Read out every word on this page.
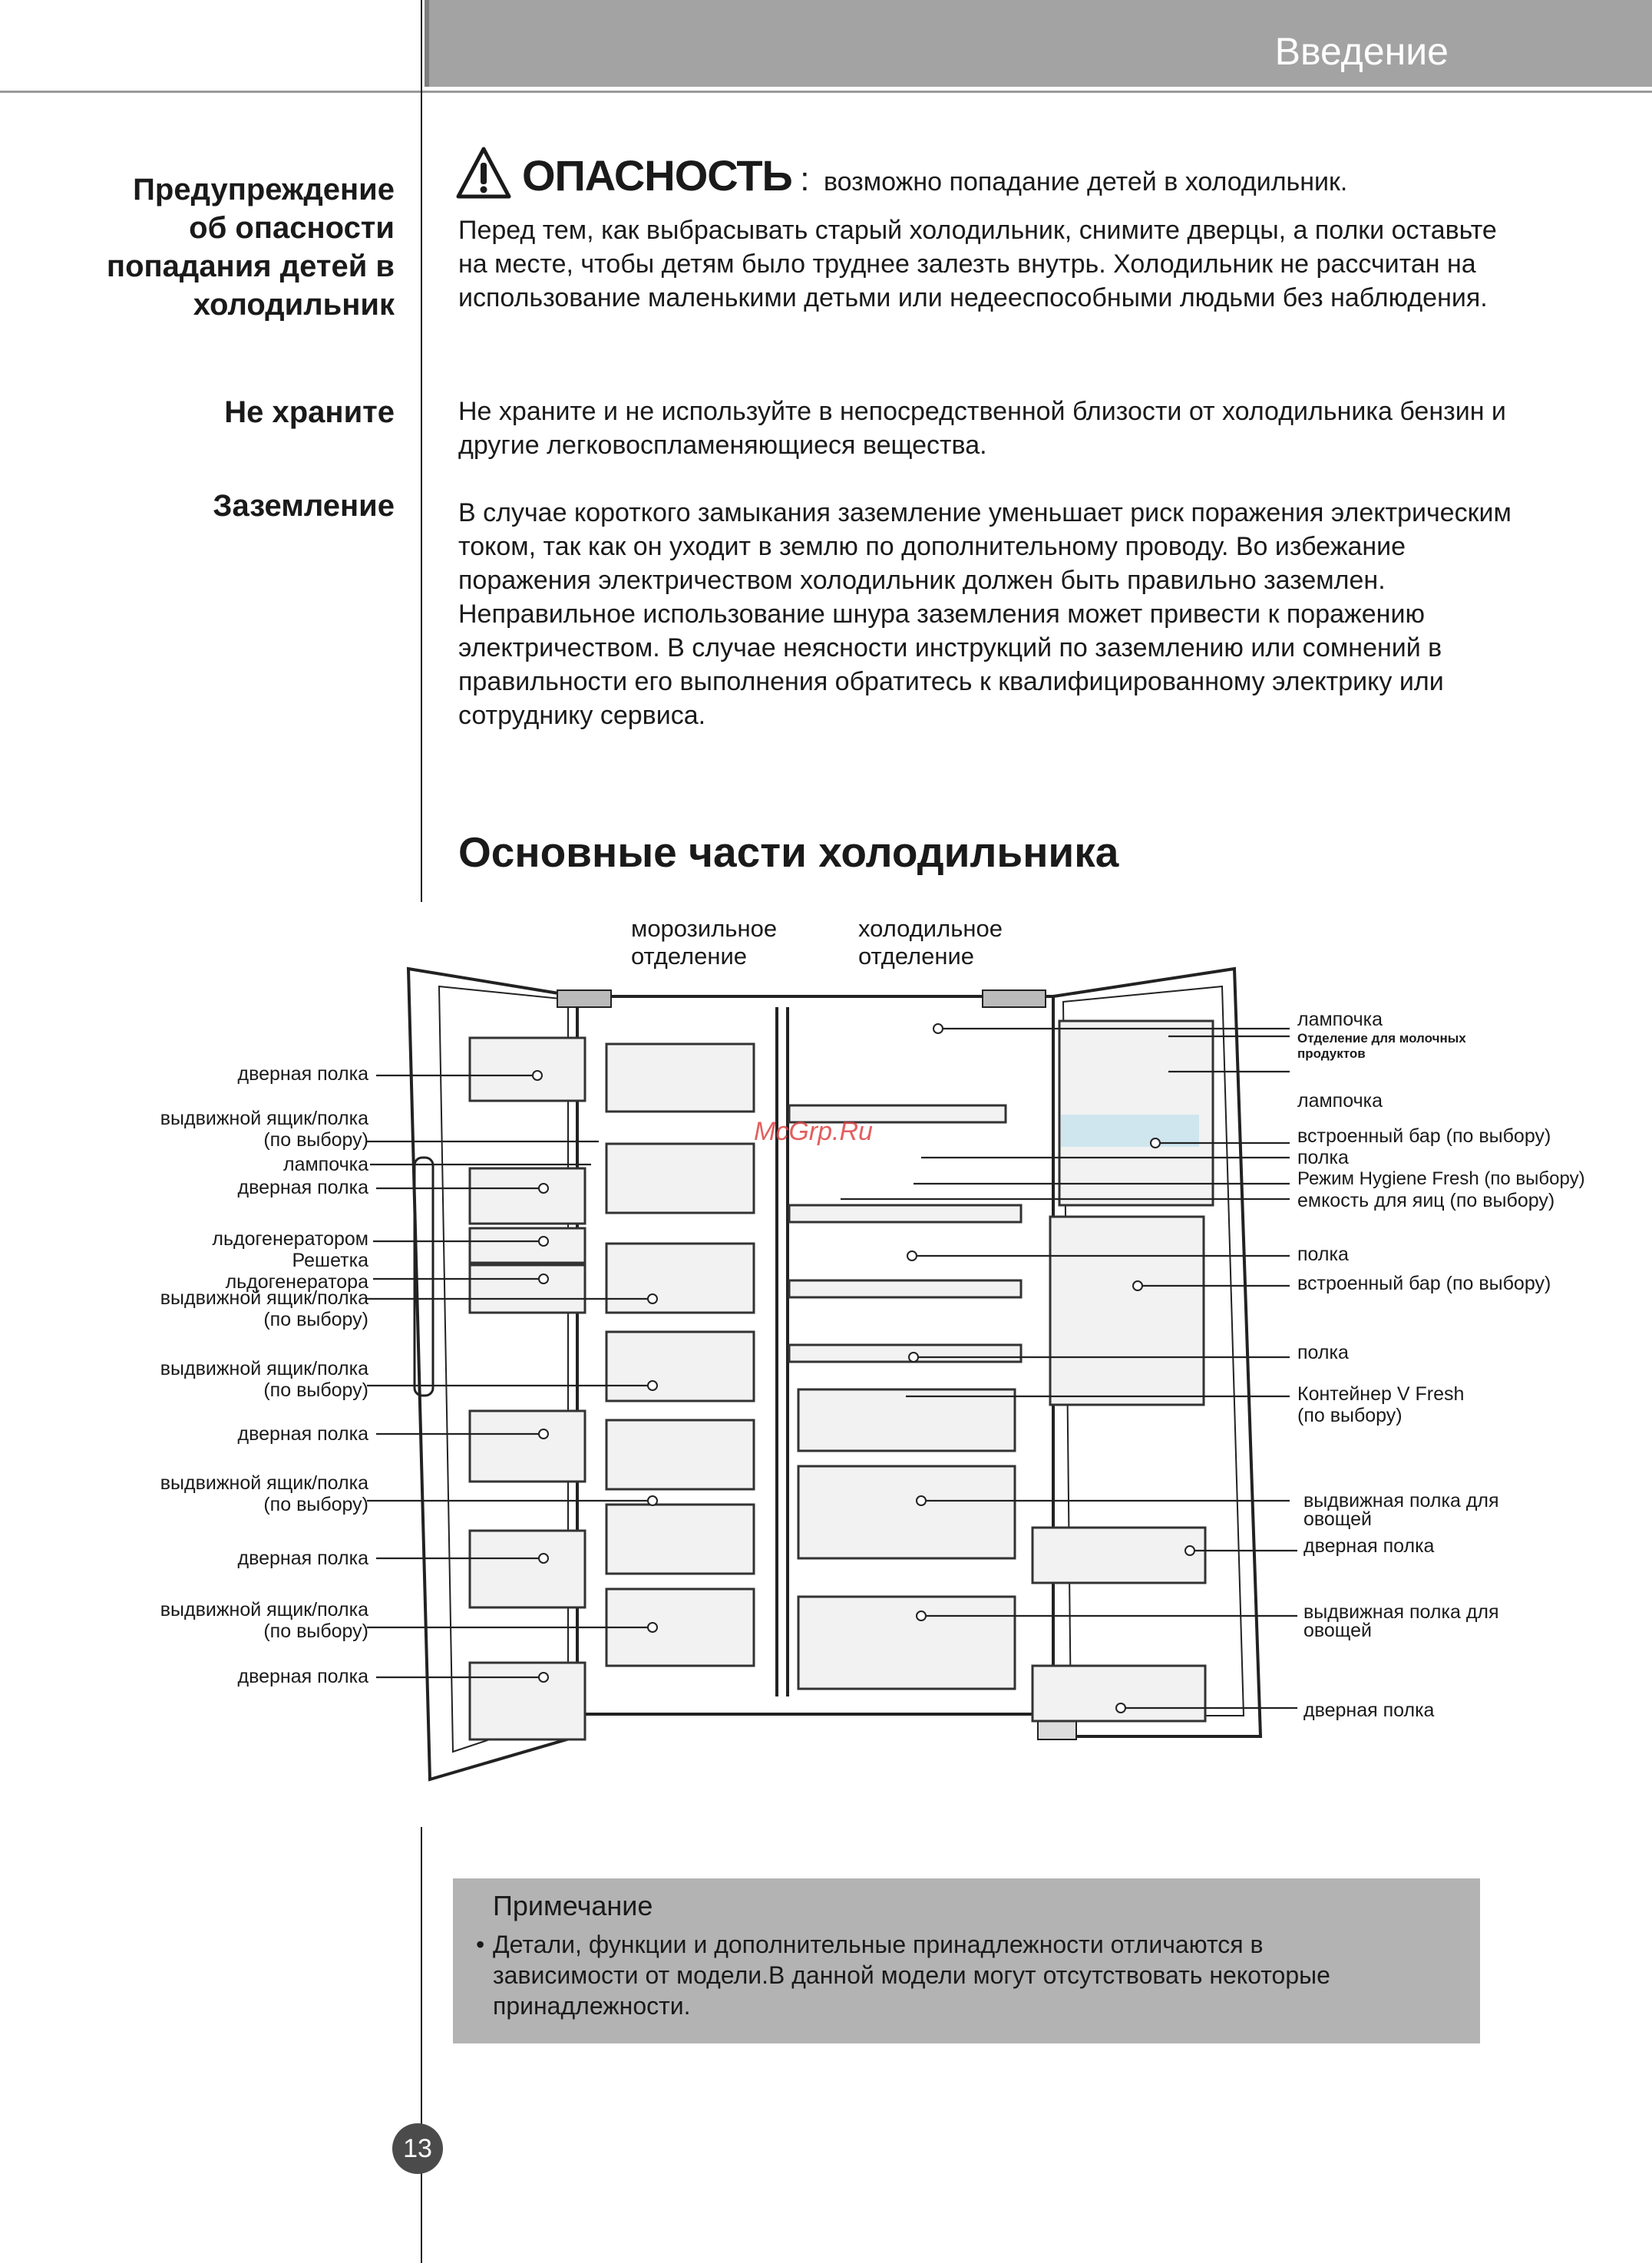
Введение
Предупреждение об опасности попадания детей в холодильник
Не храните
Заземление
ОПАСНОСТЬ : возможно попадание детей в холодильник.
Перед тем, как выбрасывать старый холодильник, снимите дверцы, а полки оставьте на месте, чтобы детям было труднее залезть внутрь. Холодильник не рассчитан на использование маленькими детьми или недееспособными людьми без наблюдения.
Не храните и не используйте в непосредственной близости от холодильника бензин и другие легковоспламеняющиеся вещества.
В случае короткого замыкания заземление уменьшает риск поражения электрическим током, так как он уходит в землю по дополнительному проводу. Во избежание поражения электричеством холодильник должен быть правильно заземлен. Неправильное использование шнура заземления может привести к поражению электричеством. В случае неясности инструкций по заземлению или сомнений в правильности его выполнения обратитесь к квалифицированному электрику или сотруднику сервиса.
Основные части холодильника
морозильное отделение
холодильное отделение
McGrp.Ru
дверная полка
выдвижной ящик/полка (по выбору)
лампочка
дверная полка
льдогенератором
Решетка льдогенератора
выдвижной ящик/полка (по выбору)
выдвижной ящик/полка (по выбору)
дверная полка
выдвижной ящик/полка (по выбору)
дверная полка
выдвижной ящик/полка (по выбору)
дверная полка
лампочка
Отделение для молочных продуктов
лампочка
встроенный бар (по выбору)
полка
Режим Hygiene Fresh (по выбору)
емкость для яиц (по выбору)
полка
встроенный бар (по выбору)
полка
Контейнер V Fresh (по выбору)
выдвижная полка для овощей
дверная полка
выдвижная полка для овощей
дверная полка
Примечание
• Детали, функции и дополнительные принадлежности отличаются в зависимости от модели.В данной модели могут отсутствовать некоторые принадлежности.
13
